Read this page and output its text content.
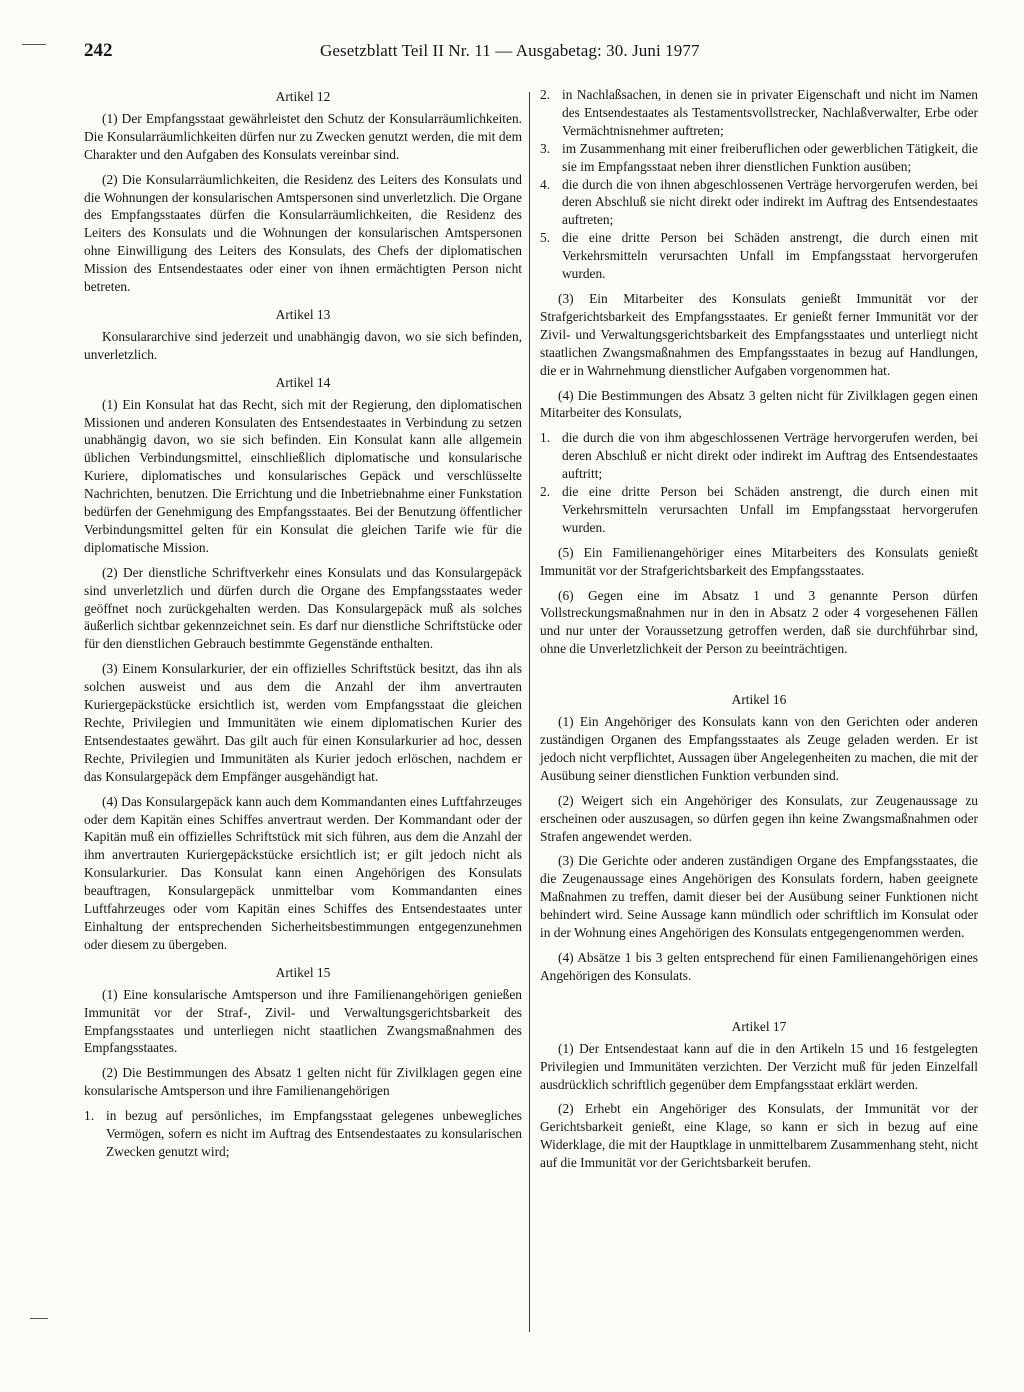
242	Gesetzblatt Teil II Nr. 11 — Ausgabetag: 30. Juni 1977
Artikel 12

(1) Der Empfangsstaat gewährleistet den Schutz der Konsularräumlichkeiten. Die Konsularräumlichkeiten dürfen nur zu Zwecken genutzt werden, die mit dem Charakter und den Aufgaben des Konsulats vereinbar sind.

(2) Die Konsularräumlichkeiten, die Residenz des Leiters des Konsulats und die Wohnungen der konsularischen Amtspersonen sind unverletzlich. Die Organe des Empfangsstaates dürfen die Konsularräumlichkeiten, die Residenz des Leiters des Konsulats und die Wohnungen der konsularischen Amtspersonen ohne Einwilligung des Leiters des Konsulats, des Chefs der diplomatischen Mission des Entsendestaates oder einer von ihnen ermächtigten Person nicht betreten.

Artikel 13

Konsulararchive sind jederzeit und unabhängig davon, wo sie sich befinden, unverletzlich.

Artikel 14

(1) Ein Konsulat hat das Recht, sich mit der Regierung, den diplomatischen Missionen und anderen Konsulaten des Entsendestaates in Verbindung zu setzen unabhängig davon, wo sie sich befinden. Ein Konsulat kann alle allgemein üblichen Verbindungsmittel, einschließlich diplomatische und konsularische Kuriere, diplomatisches und konsularisches Gepäck und verschlüsselte Nachrichten, benutzen. Die Errichtung und die Inbetriebnahme einer Funkstation bedürfen der Genehmigung des Empfangsstaates. Bei der Benutzung öffentlicher Verbindungsmittel gelten für ein Konsulat die gleichen Tarife wie für die diplomatische Mission.

(2) Der dienstliche Schriftverkehr eines Konsulats und das Konsulargepäck sind unverletzlich und dürfen durch die Organe des Empfangsstaates weder geöffnet noch zurückgehalten werden. Das Konsulargepäck muß als solches äußerlich sichtbar gekennzeichnet sein. Es darf nur dienstliche Schriftstücke oder für den dienstlichen Gebrauch bestimmte Gegenstände enthalten.

(3) Einem Konsularkurier, der ein offizielles Schriftstück besitzt, das ihn als solchen ausweist und aus dem die Anzahl der ihm anvertrauten Kuriergepäckstücke ersichtlich ist, werden vom Empfangsstaat die gleichen Rechte, Privilegien und Immunitäten wie einem diplomatischen Kurier des Entsendestaates gewährt. Das gilt auch für einen Konsularkurier ad hoc, dessen Rechte, Privilegien und Immunitäten als Kurier jedoch erlöschen, nachdem er das Konsulargepäck dem Empfänger ausgehändigt hat.

(4) Das Konsulargepäck kann auch dem Kommandanten eines Luftfahrzeuges oder dem Kapitän eines Schiffes anvertraut werden. Der Kommandant oder der Kapitän muß ein offizielles Schriftstück mit sich führen, aus dem die Anzahl der ihm anvertrauten Kuriergepäckstücke ersichtlich ist; er gilt jedoch nicht als Konsularkurier. Das Konsulat kann einen Angehörigen des Konsulats beauftragen, Konsulargepäck unmittelbar vom Kommandanten eines Luftfahrzeuges oder vom Kapitän eines Schiffes des Entsendestaates unter Einhaltung der entsprechenden Sicherheitsbestimmungen entgegenzunehmen oder diesem zu übergeben.

Artikel 15

(1) Eine konsularische Amtsperson und ihre Familienangehörigen genießen Immunität vor der Straf-, Zivil- und Verwaltungsgerichtsbarkeit des Empfangsstaates und unterliegen nicht staatlichen Zwangsmaßnahmen des Empfangsstaates.

(2) Die Bestimmungen des Absatz 1 gelten nicht für Zivilklagen gegen eine konsularische Amtsperson und ihre Familienangehörigen

1. in bezug auf persönliches, im Empfangsstaat gelegenes unbewegliches Vermögen, sofern es nicht im Auftrag des Entsendestaates zu konsularischen Zwecken genutzt wird;
2. in Nachlaßsachen, in denen sie in privater Eigenschaft und nicht im Namen des Entsendestaates als Testamentsvollstrecker, Nachlaßverwalter, Erbe oder Vermächtnisnehmer auftreten;
3. im Zusammenhang mit einer freiberuflichen oder gewerblichen Tätigkeit, die sie im Empfangsstaat neben ihrer dienstlichen Funktion ausüben;
4. die durch die von ihnen abgeschlossenen Verträge hervorgerufen werden, bei deren Abschluß sie nicht direkt oder indirekt im Auftrag des Entsendestaates auftreten;
5. die eine dritte Person bei Schäden anstrengt, die durch einen mit Verkehrsmitteln verursachten Unfall im Empfangsstaat hervorgerufen wurden.

(3) Ein Mitarbeiter des Konsulats genießt Immunität vor der Strafgerichtsbarkeit des Empfangsstaates. Er genießt ferner Immunität vor der Zivil- und Verwaltungsgerichtsbarkeit des Empfangsstaates und unterliegt nicht staatlichen Zwangsmaßnahmen des Empfangsstaates in bezug auf Handlungen, die er in Wahrnehmung dienstlicher Aufgaben vorgenommen hat.

(4) Die Bestimmungen des Absatz 3 gelten nicht für Zivilklagen gegen einen Mitarbeiter des Konsulats,

1. die durch die von ihm abgeschlossenen Verträge hervorgerufen werden, bei deren Abschluß er nicht direkt oder indirekt im Auftrag des Entsendestaates auftritt;
2. die eine dritte Person bei Schäden anstrengt, die durch einen mit Verkehrsmitteln verursachten Unfall im Empfangsstaat hervorgerufen wurden.

(5) Ein Familienangehöriger eines Mitarbeiters des Konsulats genießt Immunität vor der Strafgerichtsbarkeit des Empfangsstaates.

(6) Gegen eine im Absatz 1 und 3 genannte Person dürfen Vollstreckungsmaßnahmen nur in den in Absatz 2 oder 4 vorgesehenen Fällen und nur unter der Voraussetzung getroffen werden, daß sie durchführbar sind, ohne die Unverletzlichkeit der Person zu beeinträchtigen.

Artikel 16

(1) Ein Angehöriger des Konsulats kann von den Gerichten oder anderen zuständigen Organen des Empfangsstaates als Zeuge geladen werden. Er ist jedoch nicht verpflichtet, Aussagen über Angelegenheiten zu machen, die mit der Ausübung seiner dienstlichen Funktion verbunden sind.

(2) Weigert sich ein Angehöriger des Konsulats, zur Zeugenaussage zu erscheinen oder auszusagen, so dürfen gegen ihn keine Zwangsmaßnahmen oder Strafen angewendet werden.

(3) Die Gerichte oder anderen zuständigen Organe des Empfangsstaates, die die Zeugenaussage eines Angehörigen des Konsulats fordern, haben geeignete Maßnahmen zu treffen, damit dieser bei der Ausübung seiner Funktionen nicht behindert wird. Seine Aussage kann mündlich oder schriftlich im Konsulat oder in der Wohnung eines Angehörigen des Konsulats entgegengenommen werden.

(4) Absätze 1 bis 3 gelten entsprechend für einen Familienangehörigen eines Angehörigen des Konsulats.

Artikel 17

(1) Der Entsendestaat kann auf die in den Artikeln 15 und 16 festgelegten Privilegien und Immunitäten verzichten. Der Verzicht muß für jeden Einzelfall ausdrücklich schriftlich gegenüber dem Empfangsstaat erklärt werden.

(2) Erhebt ein Angehöriger des Konsulats, der Immunität vor der Gerichtsbarkeit genießt, eine Klage, so kann er sich in bezug auf eine Widerklage, die mit der Hauptklage in unmittelbarem Zusammenhang steht, nicht auf die Immunität vor der Gerichtsbarkeit berufen.
